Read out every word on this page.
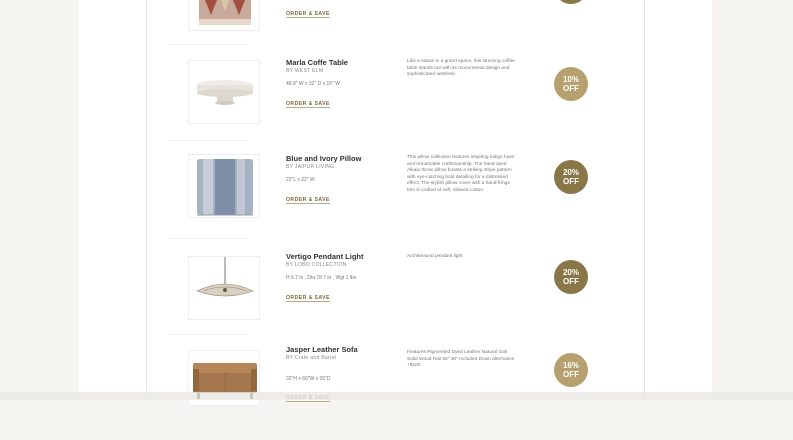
ORDER & SAVE
Marla Coffe Table
BY WEST ELM
48.8" W x 32" D x 15" W
ORDER & SAVE
Like a statue in a grand space, this stunning coffee table stands out with its monumental design and sophisticated aesthetic.
10%
OFF
Blue and Ivory Pillow
BY JAIPUR LIVING
22"L x 22" W
ORDER & SAVE
This pillow collection features inspiring indigo hues and remarkable craftsmanship. The hand-dyed Alkaia throw pillow boasts a striking stripe pattern with eye-catching bold detailing for a distressed effect. The stylish pillow cover with a hand-fringe trim is crafted of soft, relaxed cotton.
20%
OFF
Vertigo Pendant Light
BY LOBO COLLECTION
H 6.7 in , Dia 78.7 in , Wgt 1 lbs
ORDER & SAVE
Architectural pendant light.
20%
OFF
Jasper Leather Sofa
BY Crate and Barrel
32"H x 60"W x 35"D
Features Pigmented Dyed Leather Natural Oak Solid Wood Rail 60" 36" Included Down alternative +$100	16%
OFF
